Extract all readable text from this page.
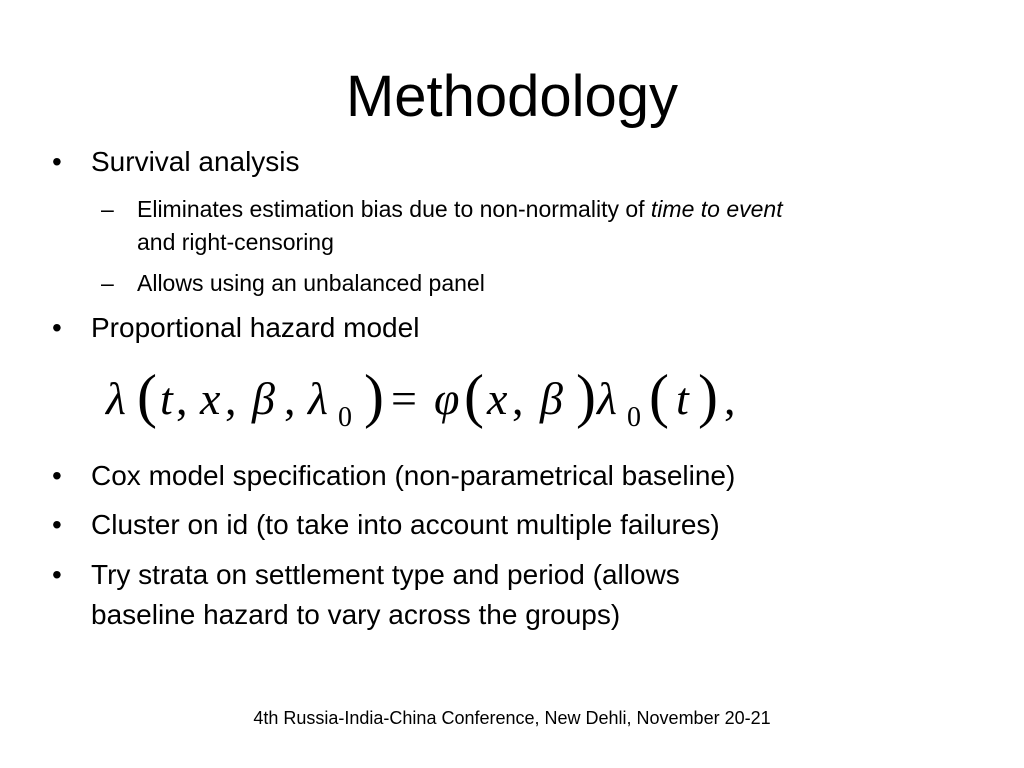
Methodology
• Survival analysis
– Eliminates estimation bias due to non-normality of time to event
and right-censoring
– Allows using an unbalanced panel
• Proportional hazard model
λ ( t , x , β , λ 0 ) = φ ( x , β ) λ 0 ( t ) ,
• Cox model specification (non-parametrical baseline)
• Cluster on id (to take into account multiple failures)
• Try strata on settlement type and period (allows
baseline hazard to vary across the groups)
4th Russia-India-China Conference, New Dehli, November 20-21
